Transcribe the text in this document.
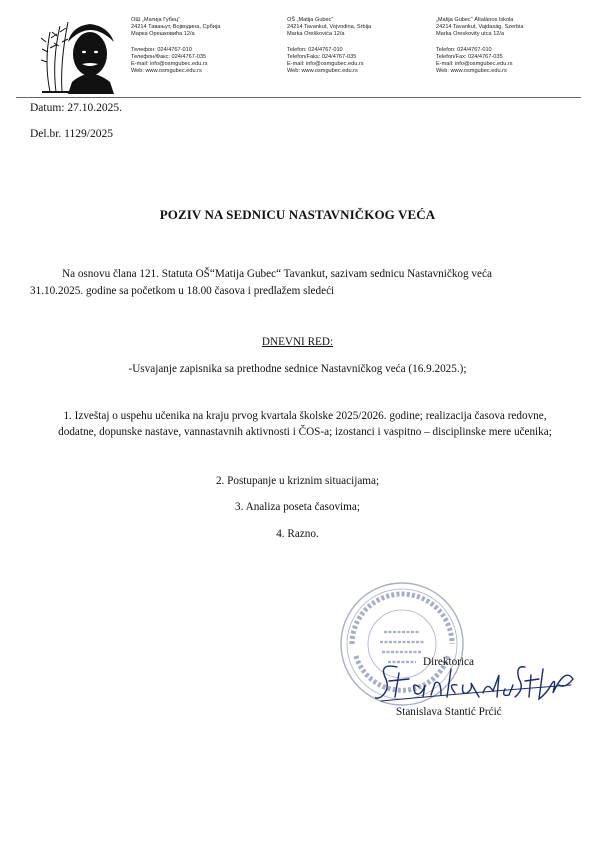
ОШ „Матија Губец“
24214 Тавањут, Војводина, Србија
Марка Орешковића 12/а
Телефон: 024/4767-010
Телефон/Факс: 024/4767-035
E-mail: info@osmgubec.edu.rs
Web: www.osmgubec.edu.rs
OŠ „Matija Gubec“
24214 Tavankut, Vojvodina, Srbija
Marka Oreškovića 12/a
Telefon: 024/4767-010
Telefon/Faks: 024/4767-035
E-mail: info@osmgubec.edu.rs
Web: www.osmgubec.edu.rs
„Matija Gubec“ Általános Iskola
24214 Tavankut, Vajdaság, Szerbia
Marka Oreskovity utca 12/a
Telefon: 024/4767-010
Telefon/Fax: 024/4767-035
E-mail: info@osmgubec.edu.rs
Web: www.osmgubec.edu.rs
Datum: 27.10.2025.
Del.br. 1129/2025
POZIV NA SEDNICU NASTAVNIČKOG VEĆA
Na osnovu člana 121. Statuta OŠ“Matija Gubec“ Tavankut, sazivam sednicu Nastavničkog veća
31.10.2025. godine sa početkom u 18.00 časova i predlažem sledeći
DNEVNI RED:
-Usvajanje zapisnika sa prethodne sednice Nastavničkog veća (16.9.2025.);
1. Izveštaj o uspehu učenika na kraju prvog kvartala školske 2025/2026. godine; realizacija časova redovne, dodatne, dopunske nastave, vannastavnih aktivnosti i ČOS-a; izostanci i vaspitno – disciplinske mere učenika;
2. Postupanje u kriznim situacijama;
3. Analiza poseta časovima;
4. Razno.
Direktorica
Stanislava Stantić Prćić
